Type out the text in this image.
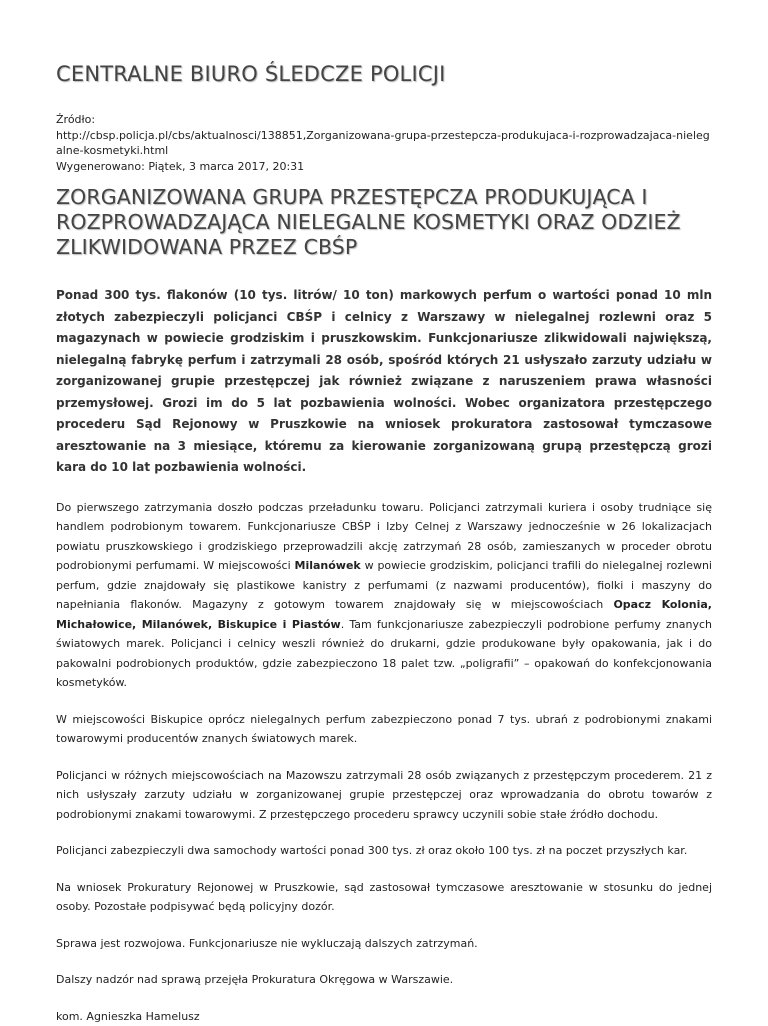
CENTRALNE BIURO ŚLEDCZE POLICJI
Źródło:
http://cbsp.policja.pl/cbs/aktualnosci/138851,Zorganizowana-grupa-przestepcza-produkujaca-i-rozprowadzajaca-nielegalne-kosmetyki.html
Wygenerowano: Piątek, 3 marca 2017, 20:31
ZORGANIZOWANA GRUPA PRZESTĘPCZA PRODUKUJĄCA I ROZPROWADZAJĄCA NIELEGALNE KOSMETYKI ORAZ ODZIEŻ ZLIKWIDOWANA PRZEZ CBŚP

Ponad 300 tys. flakonów (10 tys. litrów/ 10 ton) markowych perfum o wartości ponad 10 mln złotych zabezpieczyli policjanci CBŚP i celnicy z Warszawy w nielegalnej rozlewni oraz 5 magazynach w powiecie grodziskim i pruszkowskim. Funkcjonariusze zlikwidowali największą, nielegalną fabrykę perfum i zatrzymali 28 osób, spośród których 21 usłyszało zarzuty udziału w zorganizowanej grupie przestępczej jak również związane z naruszeniem prawa własności przemysłowej. Grozi im do 5 lat pozbawienia wolności. Wobec organizatora przestępczego procederu Sąd Rejonowy w Pruszkowie na wniosek prokuratora zastosował tymczasowe aresztowanie na 3 miesiące, któremu za kierowanie zorganizowaną grupą przestępczą grozi kara do 10 lat pozbawienia wolności.

Do pierwszego zatrzymania doszło podczas przeładunku towaru. Policjanci zatrzymali kuriera i osoby trudniące się handlem podrobionym towarem. Funkcjonariusze CBŚP i Izby Celnej z Warszawy jednocześnie w 26 lokalizacjach powiatu pruszkowskiego i grodziskiego przeprowadzili akcję zatrzymań 28 osób, zamieszanych w proceder obrotu podrobionymi perfumami. W miejscowości Milanówek w powiecie grodziskim, policjanci trafili do nielegalnej rozlewni perfum, gdzie znajdowały się plastikowe kanistry z perfumami (z nazwami producentów), fiolki i maszyny do napełniania flakonów. Magazyny z gotowym towarem znajdowały się w miejscowościach Opacz Kolonia, Michałowice, Milanówek, Biskupice i Piastów. Tam funkcjonariusze zabezpieczyli podrobione perfumy znanych światowych marek. Policjanci i celnicy weszli również do drukarni, gdzie produkowane były opakowania, jak i do pakowalni podrobionych produktów, gdzie zabezpieczono 18 palet tzw. „poligrafii” – opakowań do konfekcjonowania kosmetyków.

W miejscowości Biskupice oprócz nielegalnych perfum zabezpieczono ponad 7 tys. ubrań z podrobionymi znakami towarowymi producentów znanych światowych marek.

Policjanci w różnych miejscowościach na Mazowszu zatrzymali 28 osób związanych z przestępczym procederem. 21 z nich usłyszały zarzuty udziału w zorganizowanej grupie przestępczej oraz wprowadzania do obrotu towarów z podrobionymi znakami towarowymi. Z przestępczego procederu sprawcy uczynili sobie stałe źródło dochodu.

Policjanci zabezpieczyli dwa samochody wartości ponad 300 tys. zł oraz około 100 tys. zł na poczet przyszłych kar.

Na wniosek Prokuratury Rejonowej w Pruszkowie, sąd zastosował tymczasowe aresztowanie w stosunku do jednej osoby. Pozostałe podpisywać będą policyjny dozór.

Sprawa jest rozwojowa. Funkcjonariusze nie wykluczają dalszych zatrzymań.

Dalszy nadzór nad sprawą przejęła Prokuratura Okręgowa w Warszawie.

kom. Agnieszka Hamelusz
